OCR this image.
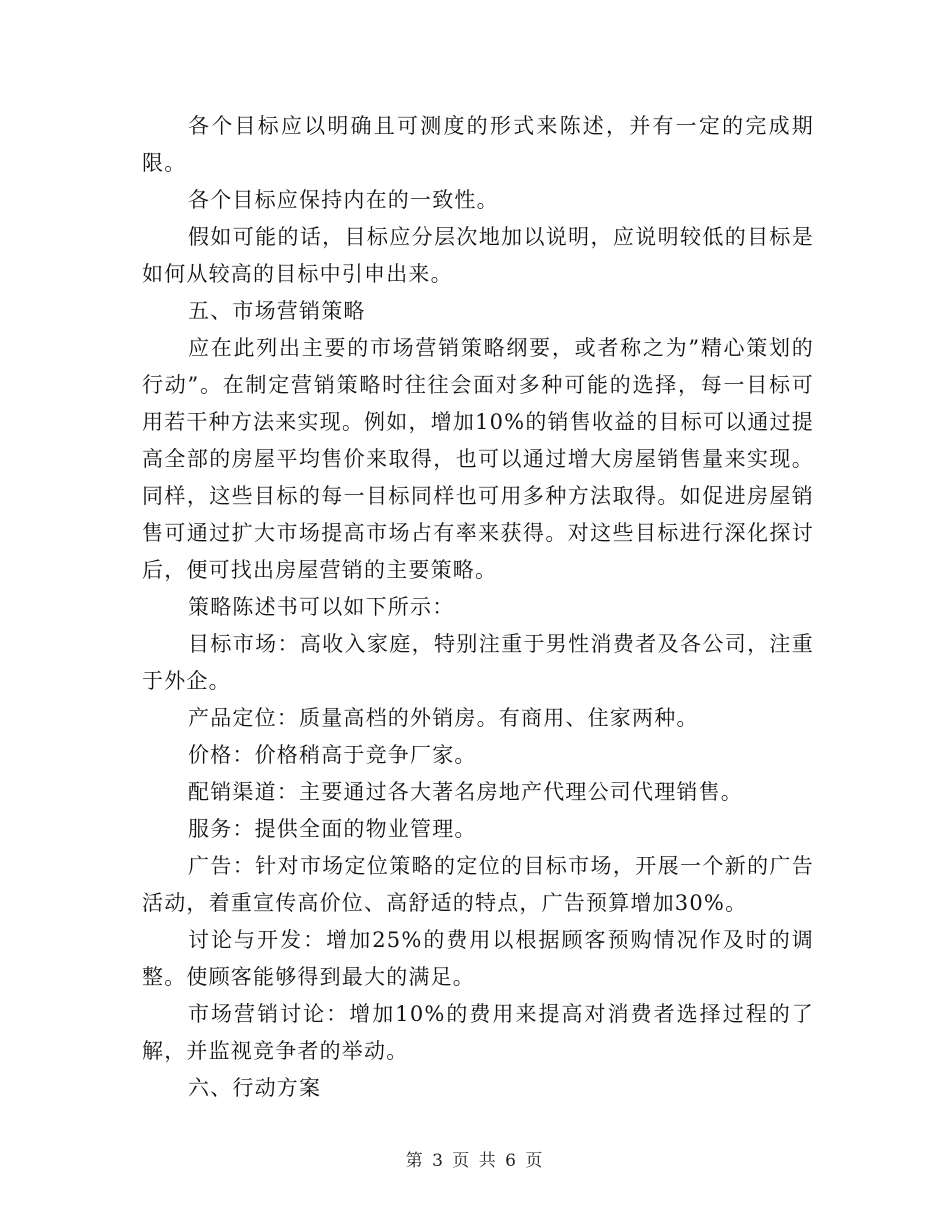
各个目标应以明确且可测度的形式来陈述，并有一定的完成期限。

各个目标应保持内在的一致性。

假如可能的话，目标应分层次地加以说明，应说明较低的目标是如何从较高的目标中引申出来。

五、市场营销策略

应在此列出主要的市场营销策略纲要，或者称之为”精心策划的行动”。在制定营销策略时往往会面对多种可能的选择，每一目标可用若干种方法来实现。例如，增加10%的销售收益的目标可以通过提高全部的房屋平均售价来取得，也可以通过增大房屋销售量来实现。同样，这些目标的每一目标同样也可用多种方法取得。如促进房屋销售可通过扩大市场提高市场占有率来获得。对这些目标进行深化探讨后，便可找出房屋营销的主要策略。

策略陈述书可以如下所示：

目标市场：高收入家庭，特别注重于男性消费者及各公司，注重于外企。

产品定位：质量高档的外销房。有商用、住家两种。

价格：价格稍高于竞争厂家。

配销渠道：主要通过各大著名房地产代理公司代理销售。

服务：提供全面的物业管理。

广告：针对市场定位策略的定位的目标市场，开展一个新的广告活动，着重宣传高价位、高舒适的特点，广告预算增加30%。

讨论与开发：增加25%的费用以根据顾客预购情况作及时的调整。使顾客能够得到最大的满足。

市场营销讨论：增加10%的费用来提高对消费者选择过程的了解，并监视竞争者的举动。

六、行动方案

第 3 页 共 6 页
